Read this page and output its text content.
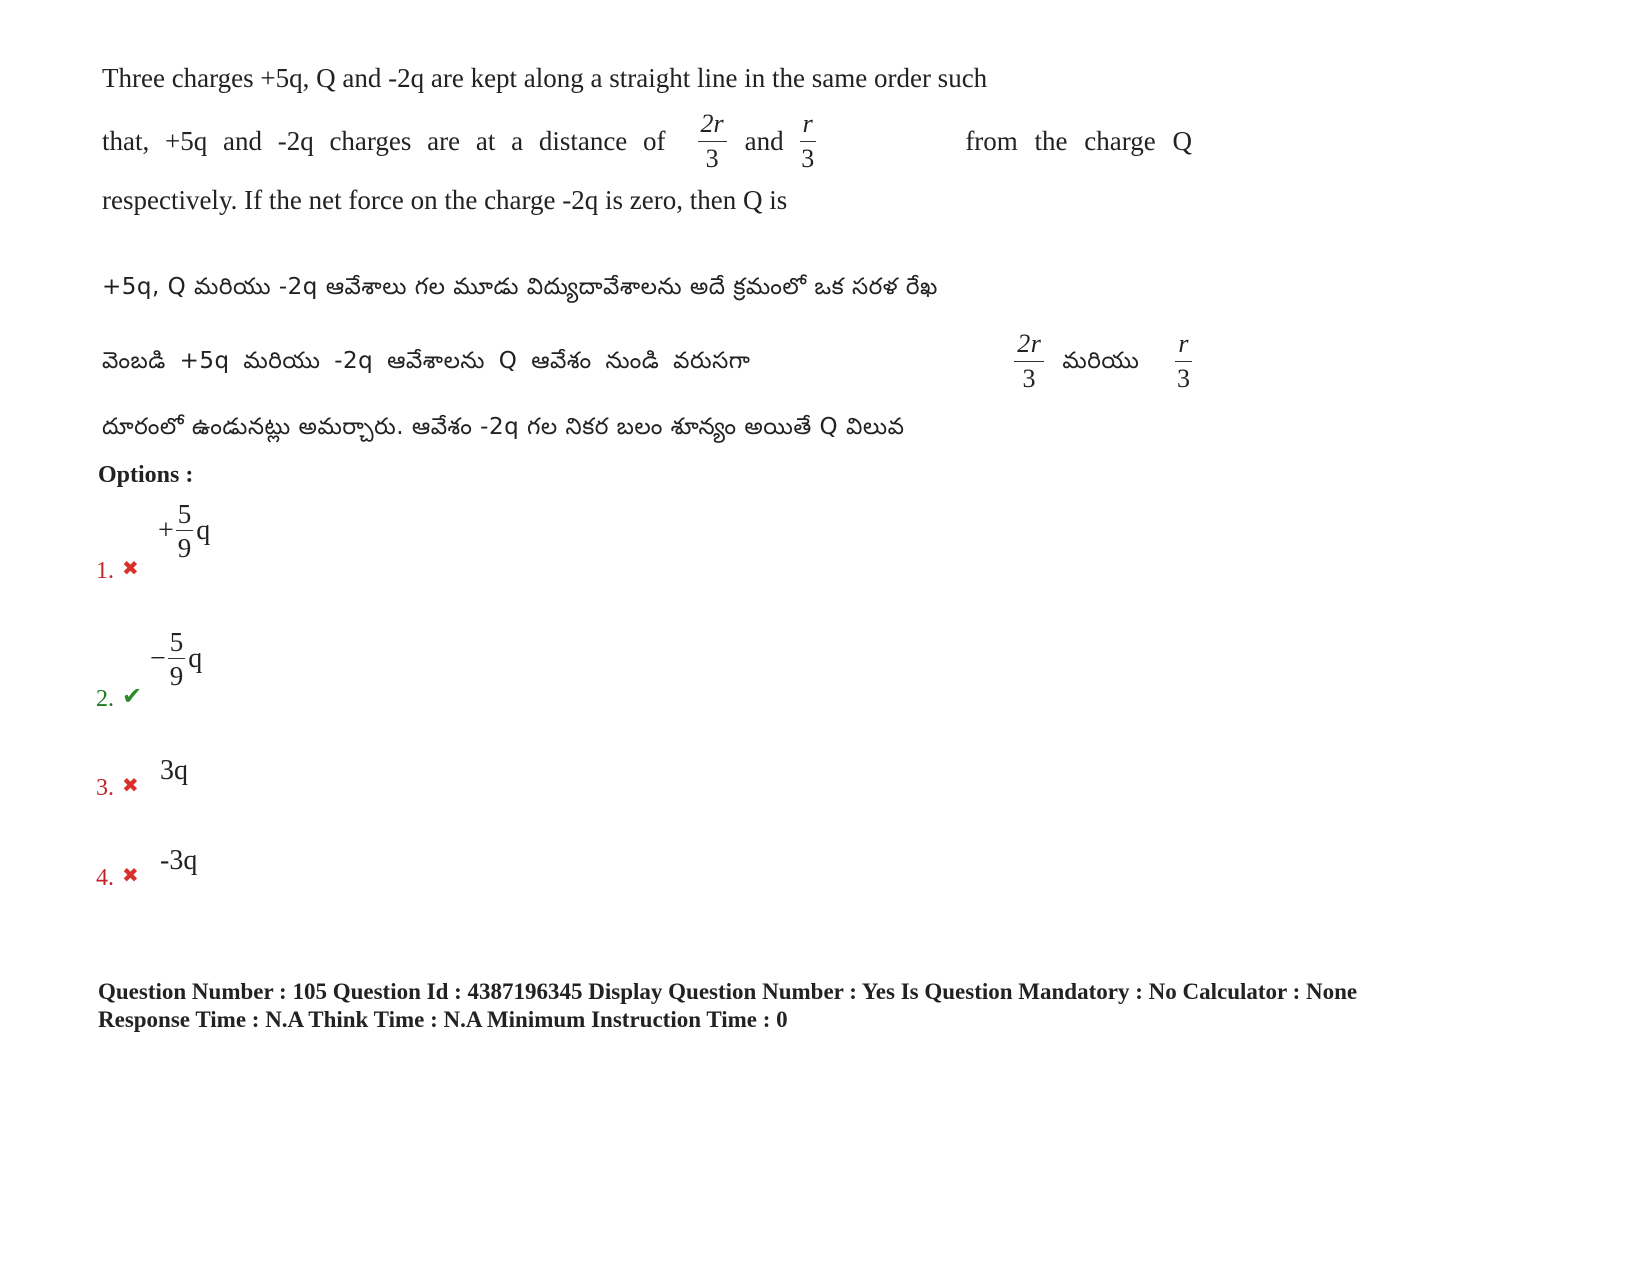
Three charges +5q, Q and -2q are kept along a straight line in the same order such
that, +5q and -2q charges are at a distance of $\frac{2r}{3}$ and $\frac{r}{3}$	from the charge Q
respectively. If the net force on the charge -2q is zero, then Q is
+5q, Q మరియు -2q ఆవేశాలు గల మూడు విద్యుదావేశాలను అదే క్రమంలో ఒక సరళ రేఖ
వెంబడి +5q మరియు -2q ఆవేశాలను Q ఆవేశం నుండి వరుసగా	$\frac{2r}{3}$ మరియు $\frac{r}{3}$
దూరంలో ఉండునట్లు అమర్చారు. ఆవేశం -2q గల నికర బలం శూన్యం అయితే Q విలువ
Options :
1. ✖
+ $\frac{5}{9}$ q
2. ✔
− $\frac{5}{9}$ q
3. ✖ 3q
4. ✖ -3q
Question Number : 105 Question Id : 4387196345 Display Question Number : Yes Is Question Mandatory : No Calculator : None
Response Time : N.A Think Time : N.A Minimum Instruction Time : 0
